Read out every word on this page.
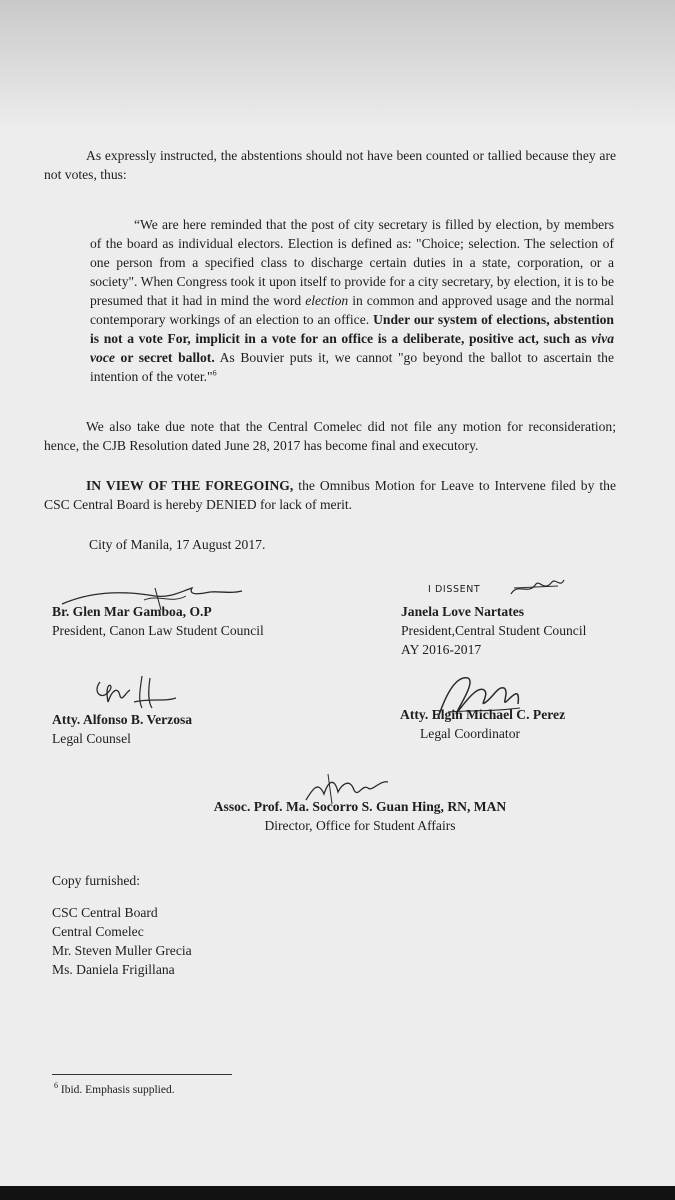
As expressly instructed, the abstentions should not have been counted or tallied because they are not votes, thus:
“We are here reminded that the post of city secretary is filled by election, by members of the board as individual electors. Election is defined as: "Choice; selection. The selection of one person from a specified class to discharge certain duties in a state, corporation, or a society". When Congress took it upon itself to provide for a city secretary, by election, it is to be presumed that it had in mind the word election in common and approved usage and the normal contemporary workings of an election to an office. Under our system of elections, abstention is not a vote For, implicit in a vote for an office is a deliberate, positive act, such as viva voce or secret ballot. As Bouvier puts it, we cannot "go beyond the ballot to ascertain the intention of the voter."$^6$
We also take due note that the Central Comelec did not file any motion for reconsideration; hence, the CJB Resolution dated June 28, 2017 has become final and executory.
IN VIEW OF THE FOREGOING, the Omnibus Motion for Leave to Intervene filed by the CSC Central Board is hereby DENIED for lack of merit.
City of Manila, 17 August 2017.
Br. Glen Mar Gamboa, O.P
President, Canon Law Student Council
I DISSENT
Janela Love Nartates
President,Central Student Council
AY 2016-2017
Atty. Alfonso B. Verzosa
Legal Counsel
Atty. Elgin Michael C. Perez
Legal Coordinator
Assoc. Prof. Ma. Socorro S. Guan Hing, RN, MAN
Director, Office for Student Affairs
Copy furnished:
CSC Central Board
Central Comelec
Mr. Steven Muller Grecia
Ms. Daniela Frigillana
$^6$ Ibid. Emphasis supplied.
